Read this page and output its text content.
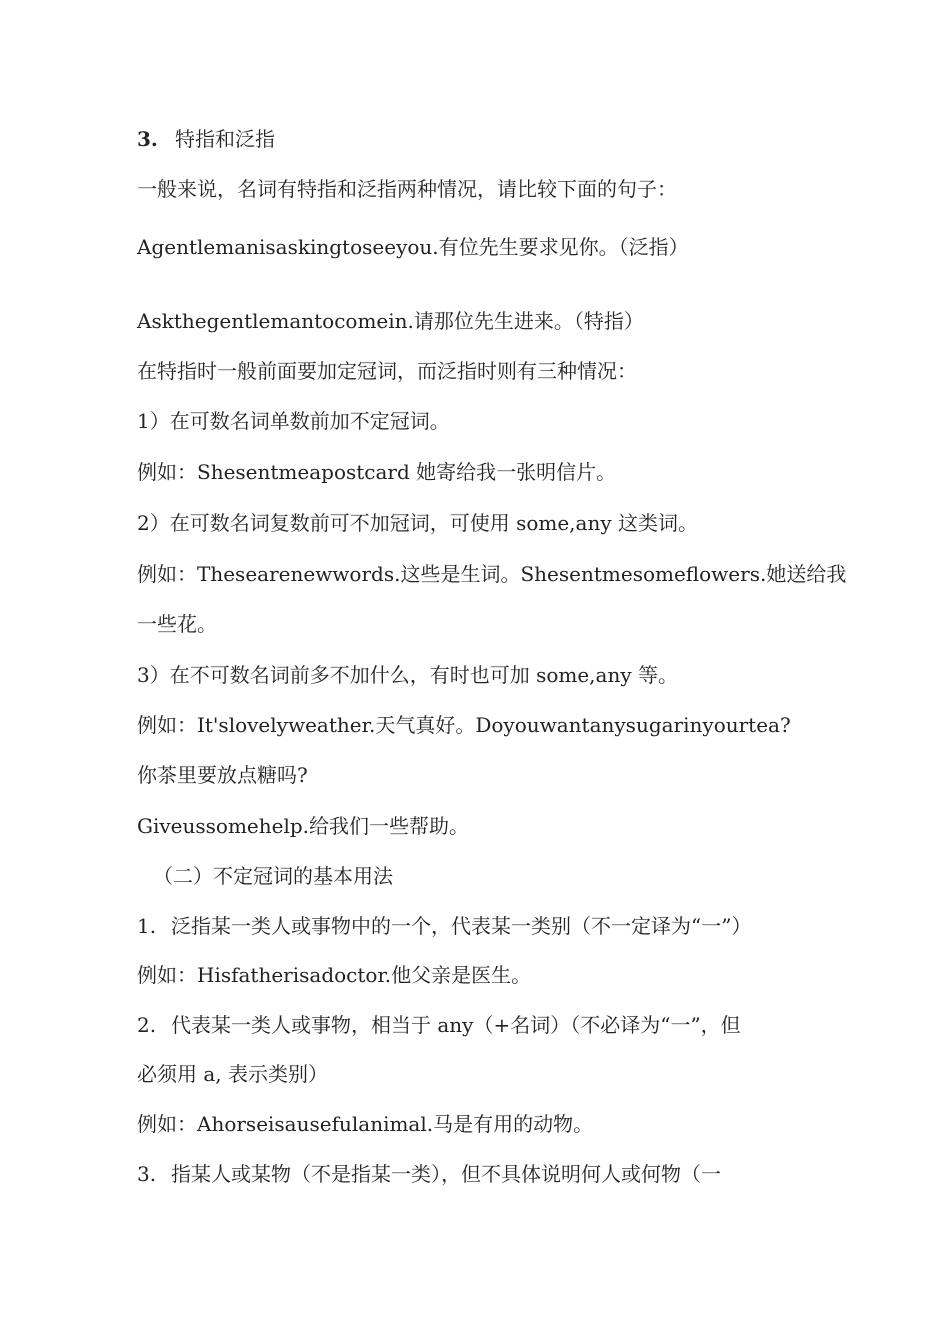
3. 特指和泛指
一般来说，名词有特指和泛指两种情况，请比较下面的句子：
Agentlemanisaskingtoseeyou.有位先生要求见你。（泛指）
Askthegentlemantocomein.请那位先生进来。（特指）
在特指时一般前面要加定冠词，而泛指时则有三种情况：
1）在可数名词单数前加不定冠词。
例如：Shesentmeapostcard 她寄给我一张明信片。
2）在可数名词复数前可不加冠词，可使用 some,any 这类词。
例如：Thesearenewwords.这些是生词。Shesentmesomeflowers.她送给我
一些花。
3）在不可数名词前多不加什么，有时也可加 some,any 等。
例如：It'slovelyweather.天气真好。Doyouwantanysugarinyourtea?
你茶里要放点糖吗?
Giveussomehelp.给我们一些帮助。
（二）不定冠词的基本用法
1. 泛指某一类人或事物中的一个，代表某一类别（不一定译为“一”）
例如：Hisfatherisadoctor.他父亲是医生。
2. 代表某一类人或事物，相当于 any（+名词）（不必译为“一”，但
必须用 a, 表示类别）
例如：Ahorseisausefulanimal.马是有用的动物。
3. 指某人或某物（不是指某一类），但不具体说明何人或何物（一
